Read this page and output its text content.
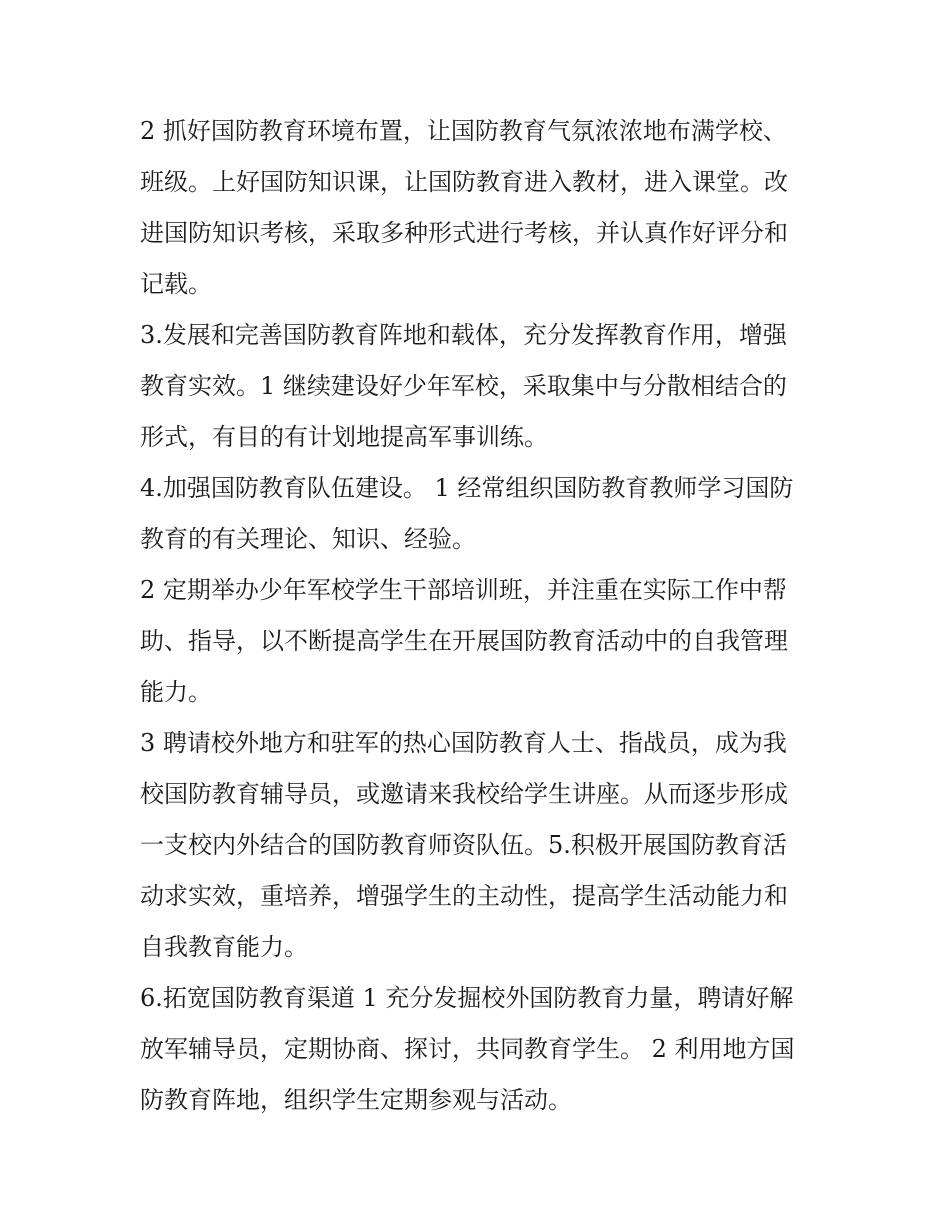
2 抓好国防教育环境布置，让国防教育气氛浓浓地布满学校、
班级。上好国防知识课，让国防教育进入教材，进入课堂。改
进国防知识考核，采取多种形式进行考核，并认真作好评分和
记载。
3.发展和完善国防教育阵地和载体，充分发挥教育作用，增强
教育实效。1 继续建设好少年军校，采取集中与分散相结合的
形式，有目的有计划地提高军事训练。
4.加强国防教育队伍建设。 1 经常组织国防教育教师学习国防
教育的有关理论、知识、经验。
2 定期举办少年军校学生干部培训班，并注重在实际工作中帮
助、指导，以不断提高学生在开展国防教育活动中的自我管理
能力。
3 聘请校外地方和驻军的热心国防教育人士、指战员，成为我
校国防教育辅导员，或邀请来我校给学生讲座。从而逐步形成
一支校内外结合的国防教育师资队伍。5.积极开展国防教育活
动求实效，重培养，增强学生的主动性，提高学生活动能力和
自我教育能力。
6.拓宽国防教育渠道 1 充分发掘校外国防教育力量，聘请好解
放军辅导员，定期协商、探讨，共同教育学生。 2 利用地方国
防教育阵地，组织学生定期参观与活动。
